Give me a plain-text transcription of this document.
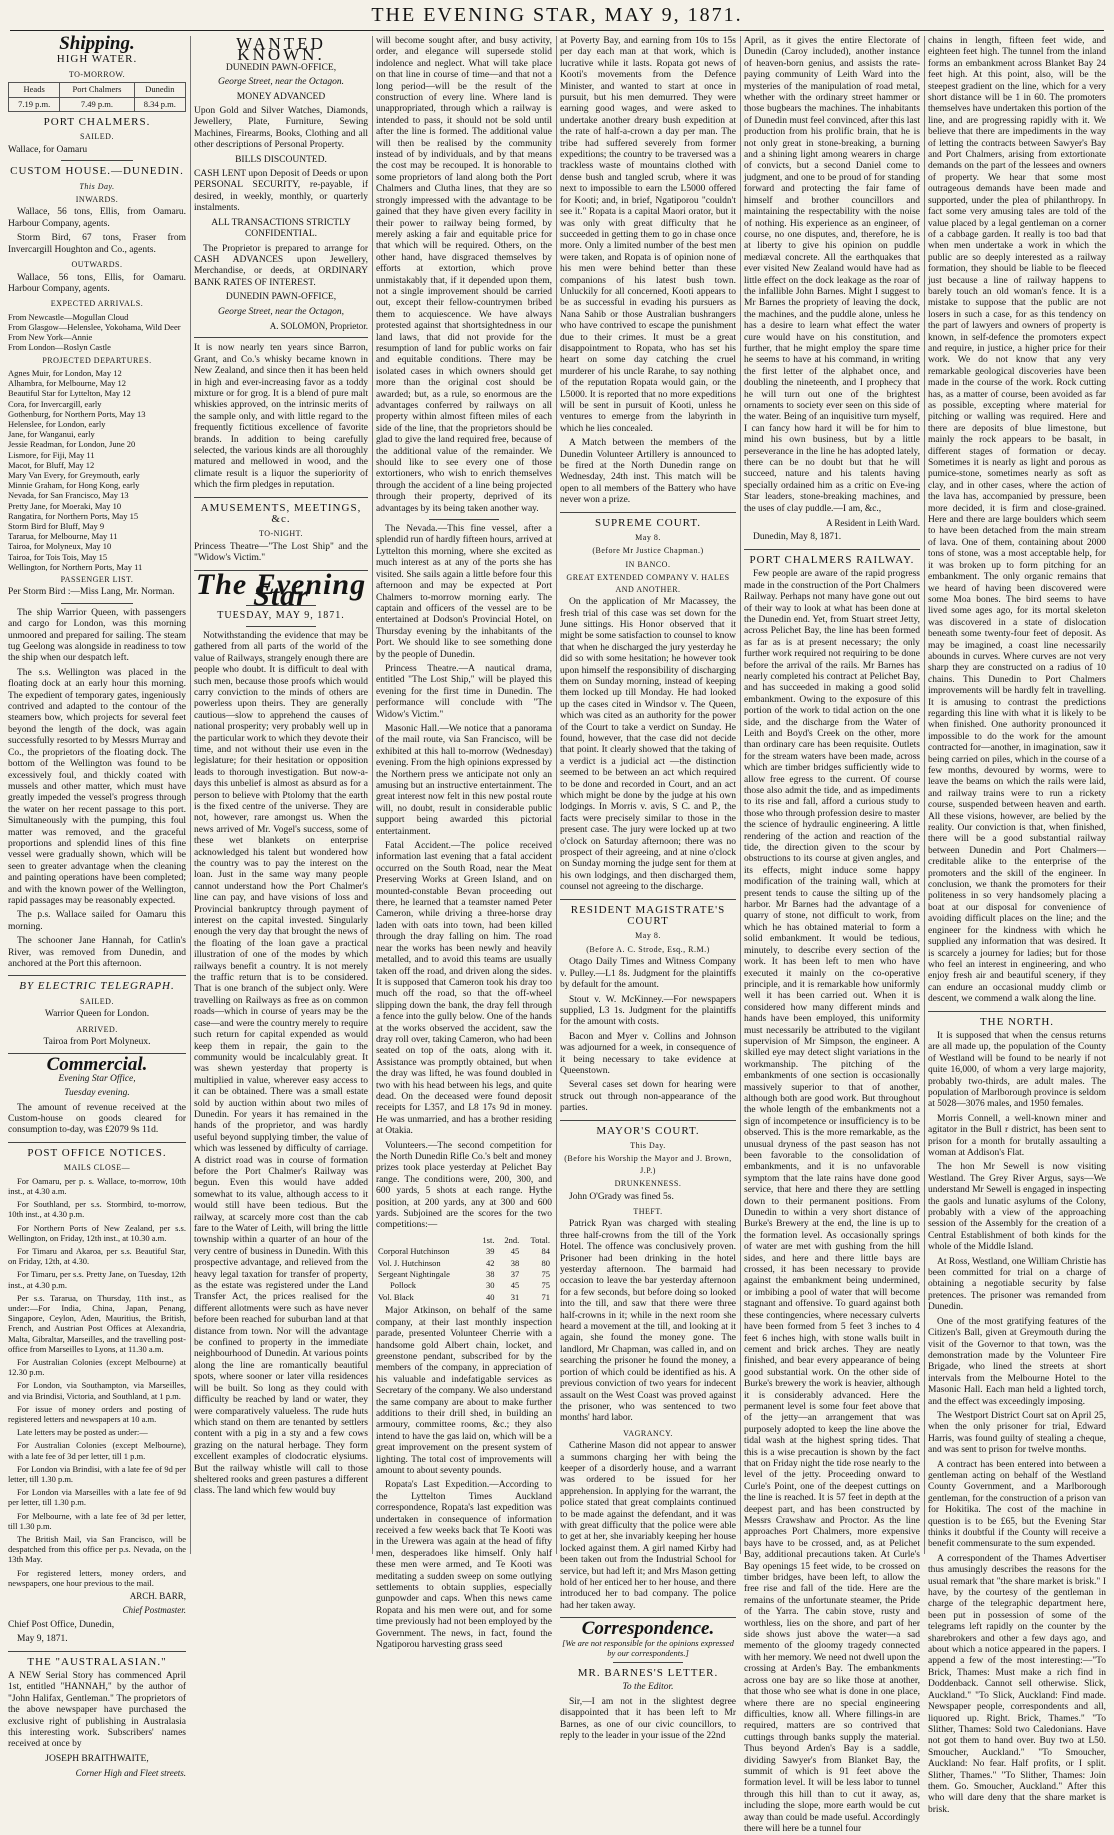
THE EVENING STAR, MAY 9, 1871.
Shipping.
HIGH WATER.
TO-MORROW.
Heads	Port Chalmers	Dunedin
7.19 p.m.	7.49 p.m.	8.34 p.m.
PORT CHALMERS.
SAILED.

Wallace, for Oamaru

CUSTOM HOUSE.—DUNEDIN.
This Day.
INWARDS.

Wallace, 56 tons, Ellis, from Oamaru. Harbour Company, agents.

Storm Bird, 67 tons, Fraser from Invercargill Houghton and Co., agents.

OUTWARDS.

Wallace, 56 tons, Ellis, for Oamaru. Harbour Company, agents.

EXPECTED ARRIVALS.
From Newcastle—Mogullan Cloud
From Glasgow—Helenslee, Yokohama, Wild Deer
From New York—Annie
From London—Roslyn Castle
PROJECTED DEPARTURES.
Agnes Muir, for London, May 12
Alhambra, for Melbourne, May 12
Beautiful Star for Lyttelton, May 12
Cora, for Invercargill, early
Gothenburg, for Northern Ports, May 13
Helenslee, for London, early
Jane, for Wanganui, early
Jessie Readman, for London, June 20
Lismore, for Fiji, May 11
Macot, for Bluff, May 12
Mary Van Every, for Greymouth, early
Minnie Graham, for Hong Kong, early
Nevada, for San Francisco, May 13
Pretty Jane, for Moeraki, May 10
Rangatira, for Northern Ports, May 15
Storm Bird for Bluff, May 9
Tararua, for Melbourne, May 11
Tairoa, for Molyneux, May 10
Tairoa, for Tois Tois, May 15
Wellington, for Northern Ports, May 11
PASSENGER LIST.

Per Storm Bird :—Miss Lang, Mr. Norman.

The ship Warrior Queen, with passengers and cargo for London, was this morning unmoored and prepared for sailing. The steam tug Geelong was alongside in readiness to tow the ship when our despatch left.

The s.s. Wellington was placed in the floating dock at an early hour this morning. The expedient of temporary gates, ingeniously contrived and adapted to the contour of the steamers bow, which projects for several feet beyond the length of the dock, was again successfully resorted to by Messrs Murray and Co., the proprietors of the floating dock. The bottom of the Wellington was found to be excessively foul, and thickly coated with mussels and other matter, which must have greatly impeded the vessel's progress through the water on her recent passage to this port. Simultaneously with the pumping, this foul matter was removed, and the graceful proportions and splendid lines of this fine vessel were gradually shown, which will be seen to greater advantage when the cleaning and painting operations have been completed; and with the known power of the Wellington, rapid passages may be reasonably expected.

The p.s. Wallace sailed for Oamaru this morning.

The schooner Jane Hannah, for Catlin's River, was removed from Dunedin, and anchored at the Port this afternoon.

BY ELECTRIC TELEGRAPH.
SAILED.

Warrior Queen for London.

ARRIVED.

Tairoa from Port Molyneux.

Commercial.

Evening Star Office,

Tuesday evening.

The amount of revenue received at the Custom-house on goods cleared for consumption to-day, was £2079 9s 11d.

POST OFFICE NOTICES.
MAILS CLOSE—

For Oamaru, per p. s. Wallace, to-morrow, 10th inst., at 4.30 a.m.

For Southland, per s.s. Stormbird, to-morrow, 10th inst., at 4.30 p.m.

For Northern Ports of New Zealand, per s.s. Wellington, on Friday, 12th inst., at 10.30 a.m.

For Timaru and Akaroa, per s.s. Beautiful Star, on Friday, 12th, at 4.30.

For Timaru, per s.s. Pretty Jane, on Tuesday, 12th inst., at 4.30 p.m.

Per s.s. Tararua, on Thursday, 11th inst., as under:—For India, China, Japan, Penang, Singapore, Ceylon, Aden, Mauritius, the British, French, and Austrian Post Offices at Alexandria, Malta, Gibraltar, Marseilles, and the travelling post-office from Marseilles to Lyons, at 11.30 a.m.

For Australian Colonies (except Melbourne) at 12.30 p.m.

For London, via Southampton, via Marseilles, and via Brindisi, Victoria, and Southland, at 1 p.m.

For issue of money orders and posting of registered letters and newspapers at 10 a.m.

Late letters may be posted as under:—

For Australian Colonies (except Melbourne), with a late fee of 3d per letter, till 1 p.m.

For London via Brindisi, with a late fee of 9d per letter, till 1.30 p.m.

For London via Marseilles with a late fee of 9d per letter, till 1.30 p.m.

For Melbourne, with a late fee of 3d per letter, till 1.30 p.m.

The British Mail, via San Francisco, will be despatched from this office per p.s. Nevada, on the 13th May.

For registered letters, money orders, and newspapers, one hour previous to the mail.

ARCH. BARR,

Chief Postmaster.

Chief Post Office, Dunedin,

May 9, 1871.

THE "AUSTRALASIAN."

A NEW Serial Story has commenced April 1st, entitled "HANNAH," by the author of "John Halifax, Gentleman." The proprietors of the above newspaper have purchased the exclusive right of publishing in Australasia this interesting work. Subscribers' names received at once by

JOSEPH BRAITHWAITE,

Corner High and Fleet streets.

WANTED KNOWN.

DUNEDIN PAWN-OFFICE,

George Street, near the Octagon.

MONEY ADVANCED

Upon Gold and Silver Watches, Diamonds, Jewellery, Plate, Furniture, Sewing Machines, Firearms, Books, Clothing and all other descriptions of Personal Property.

BILLS DISCOUNTED.

CASH LENT upon Deposit of Deeds or upon PERSONAL SECURITY, re-payable, if desired, in weekly, monthly, or quarterly instalments.

ALL TRANSACTIONS STRICTLY CONFIDENTIAL.

The Proprietor is prepared to arrange for CASH ADVANCES upon Jewellery, Merchandise, or deeds, at ORDINARY BANK RATES OF INTEREST.

DUNEDIN PAWN-OFFICE,

George Street, near the Octagon,

A. SOLOMON, Proprietor.

It is now nearly ten years since Barron, Grant, and Co.'s whisky became known in New Zealand, and since then it has been held in high and ever-increasing favor as a toddy mixture or for grog. It is a blend of pure malt whiskies approved, on the intrinsic merits of the sample only, and with little regard to the frequently fictitious excellence of favorite brands. In addition to being carefully selected, the various kinds are all thoroughly matured and mellowed in wood, and the climate result is a liquor the superiority of which the firm pledges in reputation.

AMUSEMENTS, MEETINGS, &c.
TO-NIGHT.

Princess Theatre—"The Lost Ship" and the "Widow's Victim."

The Evening Star
TUESDAY, MAY 9, 1871.

Notwithstanding the evidence that may be gathered from all parts of the world of the value of Railways, strangely enough there are people who doubt. It is difficult to deal with such men, because those proofs which would carry conviction to the minds of others are powerless upon theirs. They are generally cautious—slow to apprehend the causes of national prosperity; very probably well up in the particular work to which they devote their time, and not without their use even in the legislature; for their hesitation or opposition leads to thorough investigation. But now-a-days this unbelief is almost as absurd as for a person to believe with Ptolomy that the earth is the fixed centre of the universe. They are not, however, rare amongst us. When the news arrived of Mr. Vogel's success, some of these wet blankets on enterprise acknowledged his talent but wondered how the country was to pay the interest on the loan. Just in the same way many people cannot understand how the Port Chalmer's line can pay, and have visions of loss and Provincial bankruptcy through payment of interest on the capital invested. Singularly enough the very day that brought the news of the floating of the loan gave a practical illustration of one of the modes by which railways benefit a country. It is not merely the traffic return that is to be considered. That is one branch of the subject only. Were travelling on Railways as free as on common roads—which in course of years may be the case—and were the country merely to require such return for capital expended as would keep them in repair, the gain to the community would be incalculably great. It was shewn yesterday that property is multiplied in value, wherever easy access to it can be obtained. There was a small estate sold by auction within about two miles of Dunedin. For years it has remained in the hands of the proprietor, and was hardly useful beyond supplying timber, the value of which was lessened by difficulty of carriage. A district road was in course of formation before the Port Chalmer's Railway was begun. Even this would have added somewhat to its value, although access to it would still have been tedious. But the railway, at scarcely more cost than the cab fare to the Water of Leith, will bring the little township within a quarter of an hour of the very centre of business in Dunedin. With this prospective advantage, and relieved from the heavy legal taxation for transfer of property, as the estate was registered under the Land Transfer Act, the prices realised for the different allotments were such as have never before been reached for suburban land at that distance from town. Nor will the advantage be confined to property in the immediate neighbourhood of Dunedin. At various points along the line are romantically beautiful spots, where sooner or later villa residences will be built. So long as they could with difficulty be reached by land or water, they were comparatively valueless. The rude huts which stand on them are tenanted by settlers content with a pig in a sty and a few cows grazing on the natural herbage. They form excellent examples of clodocratic elysiums. But the railway whistle will call to those sheltered rooks and green pastures a different class. The land which few would buy

will become sought after, and busy activity, order, and elegance will supersede stolid indolence and neglect. What will take place on that line in course of time—and that not a long period—will be the result of the construction of every line. Where land is unappropriated, through which a railway is intended to pass, it should not be sold until after the line is formed. The additional value will then be realised by the community instead of by individuals, and by that means the cost may be recouped. It is honorable to some proprietors of land along both the Port Chalmers and Clutha lines, that they are so strongly impressed with the advantage to be gained that they have given every facility in their power to railway being formed, by merely asking a fair and equitable price for that which will be required. Others, on the other hand, have disgraced themselves by efforts at extortion, which prove unmistakably that, if it depended upon them, not a single improvement should be carried out, except their fellow-countrymen bribed them to acquiescence. We have always protested against that shortsightedness in our land laws, that did not provide for the resumption of land for public works on fair and equitable conditions. There may be isolated cases in which owners should get more than the original cost should be awarded; but, as a rule, so enormous are the advantages conferred by railways on all property within almost fifteen miles of each side of the line, that the proprietors should be glad to give the land required free, because of the additional value of the remainder. We should like to see every one of those extortioners, who wish to enrich themselves through the accident of a line being projected through their property, deprived of its advantages by its being taken another way.

The Nevada.—This fine vessel, after a splendid run of hardly fifteen hours, arrived at Lyttelton this morning, where she excited as much interest as at any of the ports she has visited. She sails again a little before four this afternoon and may be expected at Port Chalmers to-morrow morning early. The captain and officers of the vessel are to be entertained at Dodson's Provincial Hotel, on Thursday evening by the inhabitants of the Port. We should like to see something done by the people of Dunedin.

Princess Theatre.—A nautical drama, entitled "The Lost Ship," will be played this evening for the first time in Dunedin. The performance will conclude with "The Widow's Victim."

Masonic Hall.—We notice that a panorama of the mail route, via San Francisco, will be exhibited at this hall to-morrow (Wednesday) evening. From the high opinions expressed by the Northern press we anticipate not only an amusing but an instructive entertainment. The great interest now felt in this new postal route will, no doubt, result in considerable public support being awarded this pictorial entertainment.

Fatal Accident.—The police received information last evening that a fatal accident occurred on the South Road, near the Meat Preserving Works at Green Island, and on mounted-constable Bevan proceeding out there, he learned that a teamster named Peter Cameron, while driving a three-horse dray laden with oats into town, had been killed through the dray falling on him. The road near the works has been newly and heavily metalled, and to avoid this teams are usually taken off the road, and driven along the sides. It is supposed that Cameron took his dray too much off the road, so that the off-wheel slipping down the bank, the dray fell through a fence into the gully below. One of the hands at the works observed the accident, saw the dray roll over, taking Cameron, who had been seated on top of the oats, along with it. Assistance was promptly obtained, but when the dray was lifted, he was found doubled in two with his head between his legs, and quite dead. On the deceased were found deposit receipts for L357, and L8 17s 9d in money. He was unmarried, and has a brother residing at Otakia.

Volunteers.—The second competition for the North Dunedin Rifle Co.'s belt and money prizes took place yesterday at Pelichet Bay range. The conditions were, 200, 300, and 600 yards, 5 shots at each range. Hythe position, at 200 yards, any at 300 and 600 yards. Subjoined are the scores for the two competitions:—

	1st.	2nd.	Total.
Corporal Hutchinson	39	45	84
Vol. J. Hutchinson	42	38	80
Sergeant Nightingale	38	37	75
Pollock	30	45	75
Vol. Black	40	31	71

Major Atkinson, on behalf of the same company, at their last monthly inspection parade, presented Volunteer Cherrie with a handsome gold Albert chain, locket, and greenstone pendant, subscribed for by the members of the company, in appreciation of his valuable and indefatigable services as Secretary of the company. We also understand the same company are about to make further additions to their drill shed, in building an armoury, committee rooms, &c.; they also intend to have the gas laid on, which will be a great improvement on the present system of lighting. The total cost of improvements will amount to about seventy pounds.

Ropata's Last Expedition.—According to the Lyttelton Times Auckland correspondence, Ropata's last expedition was undertaken in consequence of information received a few weeks back that Te Kooti was in the Urewera was again at the head of fifty men, desperadoes like himself. Only half these men were armed, and Te Kooti was meditating a sudden sweep on some outlying settlements to obtain supplies, especially gunpowder and caps. When this news came Ropata and his men were out, and for some time previously had not been employed by the Government. The news, in fact, found the Ngatiporou harvesting grass seed

at Poverty Bay, and earning from 10s to 15s per day each man at that work, which is lucrative while it lasts. Ropata got news of Kooti's movements from the Defence Minister, and wanted to start at once in pursuit, but his men demurred. They were earning good wages, and were asked to undertake another dreary bush expedition at the rate of half-a-crown a day per man. The tribe had suffered severely from former expeditions; the country to be traversed was a trackless waste of mountains clothed with dense bush and tangled scrub, where it was next to impossible to earn the L5000 offered for Kooti; and, in brief, Ngatiporou "couldn't see it." Ropata is a capital Maori orator, but it was only with great difficulty that he succeeded in getting them to go in chase once more. Only a limited number of the best men were taken, and Ropata is of opinion none of his men were behind better than these companions of his latest bush town. Unluckily for all concerned, Kooti appears to be as successful in evading his pursuers as Nana Sahib or those Australian bushrangers who have contrived to escape the punishment due to their crimes. It must be a great disappointment to Ropata, who has set his heart on some day catching the cruel murderer of his uncle Rarahe, to say nothing of the reputation Ropata would gain, or the L5000. It is reported that no more expeditions will be sent in pursuit of Kooti, unless he ventures to emerge from the labyrinth in which he lies concealed.

A Match between the members of the Dunedin Volunteer Artillery is announced to be fired at the North Dunedin range on Wednesday, 24th inst. This match will be open to all members of the Battery who have never won a prize.

SUPREME COURT.
May 8.
(Before Mr Justice Chapman.)
IN BANCO.
GREAT EXTENDED COMPANY V. HALES AND ANOTHER.

On the application of Mr Macassey, the fresh trial of this case was set down for the June sittings. His Honor observed that it might be some satisfaction to counsel to know that when he discharged the jury yesterday he did so with some hesitation; he however took upon himself the responsibility of discharging them on Sunday morning, instead of keeping them locked up till Monday. He had looked up the cases cited in Windsor v. The Queen, which was cited as an authority for the power of the Court to take a verdict on Sunday. He found, however, that the case did not decide that point. It clearly showed that the taking of a verdict is a judicial act —the distinction seemed to be between an act which required to be done and recorded in Court, and an act which might be done by the judge at his own lodgings. In Morris v. avis, S C. and P., the facts were precisely similar to those in the present case. The jury were locked up at two o'clock on Saturday afternoon; there was no prospect of their agreeing, and at nine o'clock on Sunday morning the judge sent for them at his own lodgings, and then discharged them, counsel not agreeing to the discharge.

RESIDENT MAGISTRATE'S COURT
May 8.
(Before A. C. Strode, Esq., R.M.)

Otago Daily Times and Witness Company v. Pulley.—L1 8s. Judgment for the plaintiffs by default for the amount.

Stout v. W. McKinney.—For newspapers supplied, L3 1s. Judgment for the plaintiffs for the amount with costs.

Bacon and Myer v. Collins and Johnson was adjourned for a week, in consequence of it being necessary to take evidence at Queenstown.

Several cases set down for hearing were struck out through non-appearance of the parties.

MAYOR'S COURT.
This Day.
(Before his Worship the Mayor and J. Brown, J.P.)
DRUNKENNESS.

John O'Grady was fined 5s.

THEFT.

Patrick Ryan was charged with stealing three half-crowns from the till of the York Hotel. The offence was conclusively proven. Prisoner had been drinking in the hotel yesterday afternoon. The barmaid had occasion to leave the bar yesterday afternoon for a few seconds, but before doing so looked into the till, and saw that there were three half-crowns in it; while in the next room she heard a movement at the till, and looking at it again, she found the money gone. The landlord, Mr Chapman, was called in, and on searching the prisoner he found the money, a portion of which could be identified as his. A previous conviction of two years for indecent assault on the West Coast was proved against the prisoner, who was sentenced to two months' hard labor.

VAGRANCY.

Catherine Mason did not appear to answer a summons charging her with being the keeper of a disorderly house, and a warrant was ordered to be issued for her apprehension. In applying for the warrant, the police stated that great complaints continued to be made against the defendant, and it was with great difficulty that the police were able to get at her, she invariably keeping her house locked against them. A girl named Kirby had been taken out from the Industrial School for service, but had left it; and Mrs Mason getting hold of her enticed her to her house, and there introduced her to bad company. The police had her taken away.

Correspondence.

[We are not responsible for the opinions expressed by our correspondents.]

MR. BARNES'S LETTER.

To the Editor.

Sir,—I am not in the slightest degree disappointed that it has been left to Mr Barnes, as one of our civic councillors, to reply to the leader in your issue of the 22nd

April, as it gives the entire Electorate of Dunedin (Caroy included), another instance of heaven-born genius, and assists the rate-paying community of Leith Ward into the mysteries of the manipulation of road metal, whether with the ordinary street hammer or those bugbears the machines. The inhabitants of Dunedin must feel convinced, after this last production from his prolific brain, that he is not only great in stone-breaking, a burning and a shining light among wearers in charge of convicts, but a second Daniel come to judgment, and one to be proud of for standing forward and protecting the fair fame of himself and brother councillors and maintaining the respectability with the noise of nothing. His experience as an engineer, of course, no one disputes, and, therefore, he is at liberty to give his opinion on puddle mediæval concrete. All the earthquakes that ever visited New Zealand would have had as little effect on the dock leakage as the roar of the infallible John Barnes. Might I suggest to Mr Barnes the propriety of leaving the dock, the machines, and the puddle alone, unless he has a desire to learn what effect the water cure would have on his constitution, and further, that he might employ the spare time he seems to have at his command, in writing the first letter of the alphabet once, and doubling the nineteenth, and I prophecy that he will turn out one of the brightest ornaments to society ever seen on this side of the water. Being of an inquisitive turn myself, I can fancy how hard it will be for him to mind his own business, but by a little perseverance in the line he has adopted lately, there can be no doubt but that he will succeed, nature and his talents having specially ordained him as a critic on Eve-ing Star leaders, stone-breaking machines, and the uses of clay puddle.—I am, &c.,

A Resident in Leith Ward.

Dunedin, May 8, 1871.

PORT CHALMERS RAILWAY.

Few people are aware of the rapid progress made in the construction of the Port Chalmers Railway. Perhaps not many have gone out out of their way to look at what has been done at the Dunedin end. Yet, from Stuart street Jetty, across Pelichet Bay, the line has been formed as far as is at present necessary; the only further work required not requiring to be done before the arrival of the rails. Mr Barnes has nearly completed his contract at Pelichet Bay, and has succeeded in making a good solid embankment. Owing to the exposure of this portion of the work to tidal action on the one side, and the discharge from the Water of Leith and Boyd's Creek on the other, more than ordinary care has been requisite. Outlets for the stream waters have been made, across which are timber bridges sufficiently wide to allow free egress to the current. Of course those also admit the tide, and as impediments to its rise and fall, afford a curious study to those who through profession desire to master the science of hydraulic engineering. A little rendering of the action and reaction of the tide, the direction given to the scour by obstructions to its course at given angles, and its effects, might induce some happy modification of the training wall, which at present tends to cause the silting up of the harbor. Mr Barnes had the advantage of a quarry of stone, not difficult to work, from which he has obtained material to form a solid embankment. It would be tedious, minutely, to describe every section of the work. It has been left to men who have executed it mainly on the co-operative principle, and it is remarkable how uniformly well it has been carried out. When it is considered how many different minds and hands have been employed, this uniformity must necessarily be attributed to the vigilant supervision of Mr Simpson, the engineer. A skilled eye may detect slight variations in the workmanship. The pitching of the embankments of one section is occasionally massively superior to that of another, although both are good work. But throughout the whole length of the embankments not a sign of incompetence or insufficiency is to be observed. This is the more remarkable, as the unusual dryness of the past season has not been favorable to the consolidation of embankments, and it is no unfavorable symptom that the late rains have done good service, that here and there they are settling down to their permanent positions. From Dunedin to within a very short distance of Burke's Brewery at the end, the line is up to the formation level. As occasionally springs of water are met with gushing from the hill sides, and here and there little bays are crossed, it has been necessary to provide against the embankment being undermined, or imbibing a pool of water that will become stagnant and offensive. To guard against both these contingencies, where necessary culverts have been formed from 5 feet 3 inches to 4 feet 6 inches high, with stone walls built in cement and brick arches. They are neatly finished, and bear every appearance of being good substantial work. On the other side of Burke's brewery the work is heavier, although it is considerably advanced. Here the permanent level is some four feet above that of the jetty—an arrangement that was purposely adopted to keep the line above the tidal wash at the highest spring tides. That this is a wise precaution is shown by the fact that on Friday night the tide rose nearly to the level of the jetty. Proceeding onward to Curle's Point, one of the deepest cuttings on the line is reached. It is 57 feet in depth at the deepest part, and has been constructed by Messrs Crawshaw and Proctor. As the line approaches Port Chalmers, more expensive bays have to be crossed, and, as at Pelichet Bay, additional precautions taken. At Curle's Bay openings 15 feet wide, to be crossed on timber bridges, have been left, to allow the free rise and fall of the tide. Here are the remains of the unfortunate steamer, the Pride of the Yarra. The cabin stove, rusty and worthless, lies on the shore, and part of her side shows just above the water—a sad memento of the gloomy tragedy connected with her memory. We need not dwell upon the crossing at Arden's Bay. The embankments across one bay are so like those at another, that those who see what is done in one place, where there are no special engineering difficulties, know all. Where fillings-in are required, matters are so contrived that cuttings through banks supply the material. Thus beyond Arden's Bay is a saddle, dividing Sawyer's from Blanket Bay, the summit of which is 91 feet above the formation level. It will be less labor to tunnel through this hill than to cut it away, as, including the slope, more earth would be cut away than could be made useful. Accordingly there will here be a tunnel four

chains in length, fifteen feet wide, and eighteen feet high. The tunnel from the inland forms an embankment across Blanket Bay 24 feet high. At this point, also, will be the steepest gradient on the line, which for a very short distance will be 1 in 60. The promoters themselves have undertaken this portion of the line, and are progressing rapidly with it. We believe that there are impediments in the way of letting the contracts between Sawyer's Bay and Port Chalmers, arising from extortionate demands on the part of the lessees and owners of property. We hear that some most outrageous demands have been made and supported, under the plea of philanthropy. In fact some very amusing tales are told of the value placed by a legal gentleman on a corner of a cabbage garden. It really is too bad that when men undertake a work in which the public are so deeply interested as a railway formation, they should be liable to be fleeced just because a line of railway happens to barely touch an old woman's fence. It is a mistake to suppose that the public are not losers in such a case, for as this tendency on the part of lawyers and owners of property is known, in self-defence the promoters expect and require, in justice, a higher price for their work. We do not know that any very remarkable geological discoveries have been made in the course of the work. Rock cutting has, as a matter of course, been avoided as far as possible, excepting where material for pitching or walling was required. Here and there are deposits of blue limestone, but mainly the rock appears to be basalt, in different stages of formation or decay. Sometimes it is nearly as light and porous as pumice-stone, sometimes nearly as soft as clay, and in other cases, where the action of the lava has, accompanied by pressure, been more decided, it is firm and close-grained. Here and there are large boulders which seem to have been detached from the main stream of lava. One of them, containing about 2000 tons of stone, was a most acceptable help, for it was broken up to form pitching for an embankment. The only organic remains that we heard of having been discovered were some Moa bones. The bird seems to have lived some ages ago, for its mortal skeleton was discovered in a state of dislocation beneath some twenty-four feet of deposit. As may be imagined, a coast line necessarily abounds in curves. Where curves are not very sharp they are constructed on a radius of 10 chains. This Dunedin to Port Chalmers improvements will be hardly felt in travelling. It is amusing to contrast the predictions regarding this line with what it is likely to be when finished. One authority pronounced it impossible to do the work for the amount contracted for—another, in imagination, saw it being carried on piles, which in the course of a few months, devoured by worms, were to leave the beams on which the rails were laid, and railway trains were to run a rickety course, suspended between heaven and earth. All these visions, however, are belied by the reality. Our conviction is that, when finished, there will be a good substantial railway between Dunedin and Port Chalmers—creditable alike to the enterprise of the promoters and the skill of the engineer. In conclusion, we thank the promoters for their politeness in so very handsomely placing a boat at our disposal for convenience of avoiding difficult places on the line; and the engineer for the kindness with which he supplied any information that was desired. It is scarcely a journey for ladies; but for those who feel an interest in engineering, and who enjoy fresh air and beautiful scenery, if they can endure an occasional muddy climb or descent, we commend a walk along the line.

THE NORTH.

It is supposed that when the census returns are all made up, the population of the County of Westland will be found to be nearly if not quite 16,000, of whom a very large majority, probably two-thirds, are adult males. The population of Marlborough province is seldom at 5028—3076 males, and 1950 females.

Morris Connell, a well-known miner and agitator in the Bull r district, has been sent to prison for a month for brutally assaulting a woman at Addison's Flat.

The hon Mr Sewell is now visiting Westland. The Grey River Argus, says—We understand Mr Sewell is engaged in inspecting the gaols and lunatic asylums of the Colony, probably with a view of the approaching session of the Assembly for the creation of a Central Establishment of both kinds for the whole of the Middle Island.

At Ross, Westland, one William Christie has been committed for trial on a charge of obtaining a negotiable security by false pretences. The prisoner was remanded from Dunedin.

One of the most gratifying features of the Citizen's Ball, given at Greymouth during the visit of the Governor to that town, was the demonstration made by the Volunteer Fire Brigade, who lined the streets at short intervals from the Melbourne Hotel to the Masonic Hall. Each man held a lighted torch, and the effect was exceedingly imposing.

The Westport District Court sat on April 25, when the only prisoner for trial, Edward Harris, was found guilty of stealing a cheque, and was sent to prison for twelve months.

A contract has been entered into between a gentleman acting on behalf of the Westland County Government, and a Marlborough gentleman, for the construction of a prison van for Hokitika. The cost of the machine in question is to be £65, but the Evening Star thinks it doubtful if the County will receive a benefit commensurate to the sum expended.

A correspondent of the Thames Advertiser thus amusingly describes the reasons for the usual remark that "the share market is brisk." I have, by the courtesy of the gentleman in charge of the telegraphic department here, been put in possession of some of the telegrams left rapidly on the counter by the sharebrokers and other a few days ago, and about which a notice appeared in the papers. I append a few of the most interesting:—"To Brick, Thames: Must make a rich find in Doddenback. Cannot sell otherwise. Slick, Auckland." "To Slick, Auckland: Find made. Newspaper people, correspondents and all, liquored up. Right. Brick, Thames." "To Slither, Thames: Sold two Caledonians. Have not got them to hand over. Buy two at L50. Smoucher, Auckland." "To Smoucher, Auckland: No fear. Half profits, or I split. Slither, Thames." "To Slither, Thames: Join them. Go. Smoucher, Auckland." After this who will dare deny that the share market is brisk.
